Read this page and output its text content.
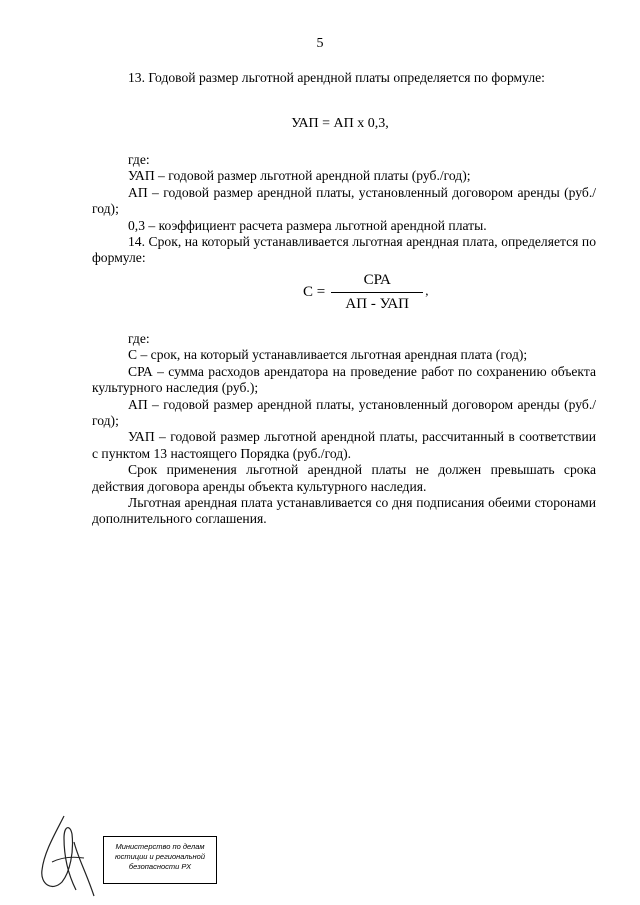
5

13. Годовой размер льготной арендной платы определяется по формуле:

УАП = АП х 0,3,

где:

УАП – годовой размер льготной арендной платы (руб./год);

АП – годовой размер арендной платы, установленный договором аренды (руб./год);

0,3 – коэффициент расчета размера льготной арендной платы.

14. Срок, на который устанавливается льготная арендная плата, определяется по формуле:

$С = \frac{\text{СРА}}{\text{АП - УАП}}$ ,

где:

С – срок, на который устанавливается льготная арендная плата (год);

СРА – сумма расходов арендатора на проведение работ по сохранению объекта культурного наследия (руб.);

АП – годовой размер арендной платы, установленный договором аренды (руб./год);

УАП – годовой размер льготной арендной платы, рассчитанный в соответствии с пунктом 13 настоящего Порядка (руб./год).

Срок применения льготной арендной платы не должен превышать срока действия договора аренды объекта культурного наследия.

Льготная арендная плата устанавливается со дня подписания обеими сторонами дополнительного соглашения.

Министерство по делам
юстиции и региональной
безопасности РХ
